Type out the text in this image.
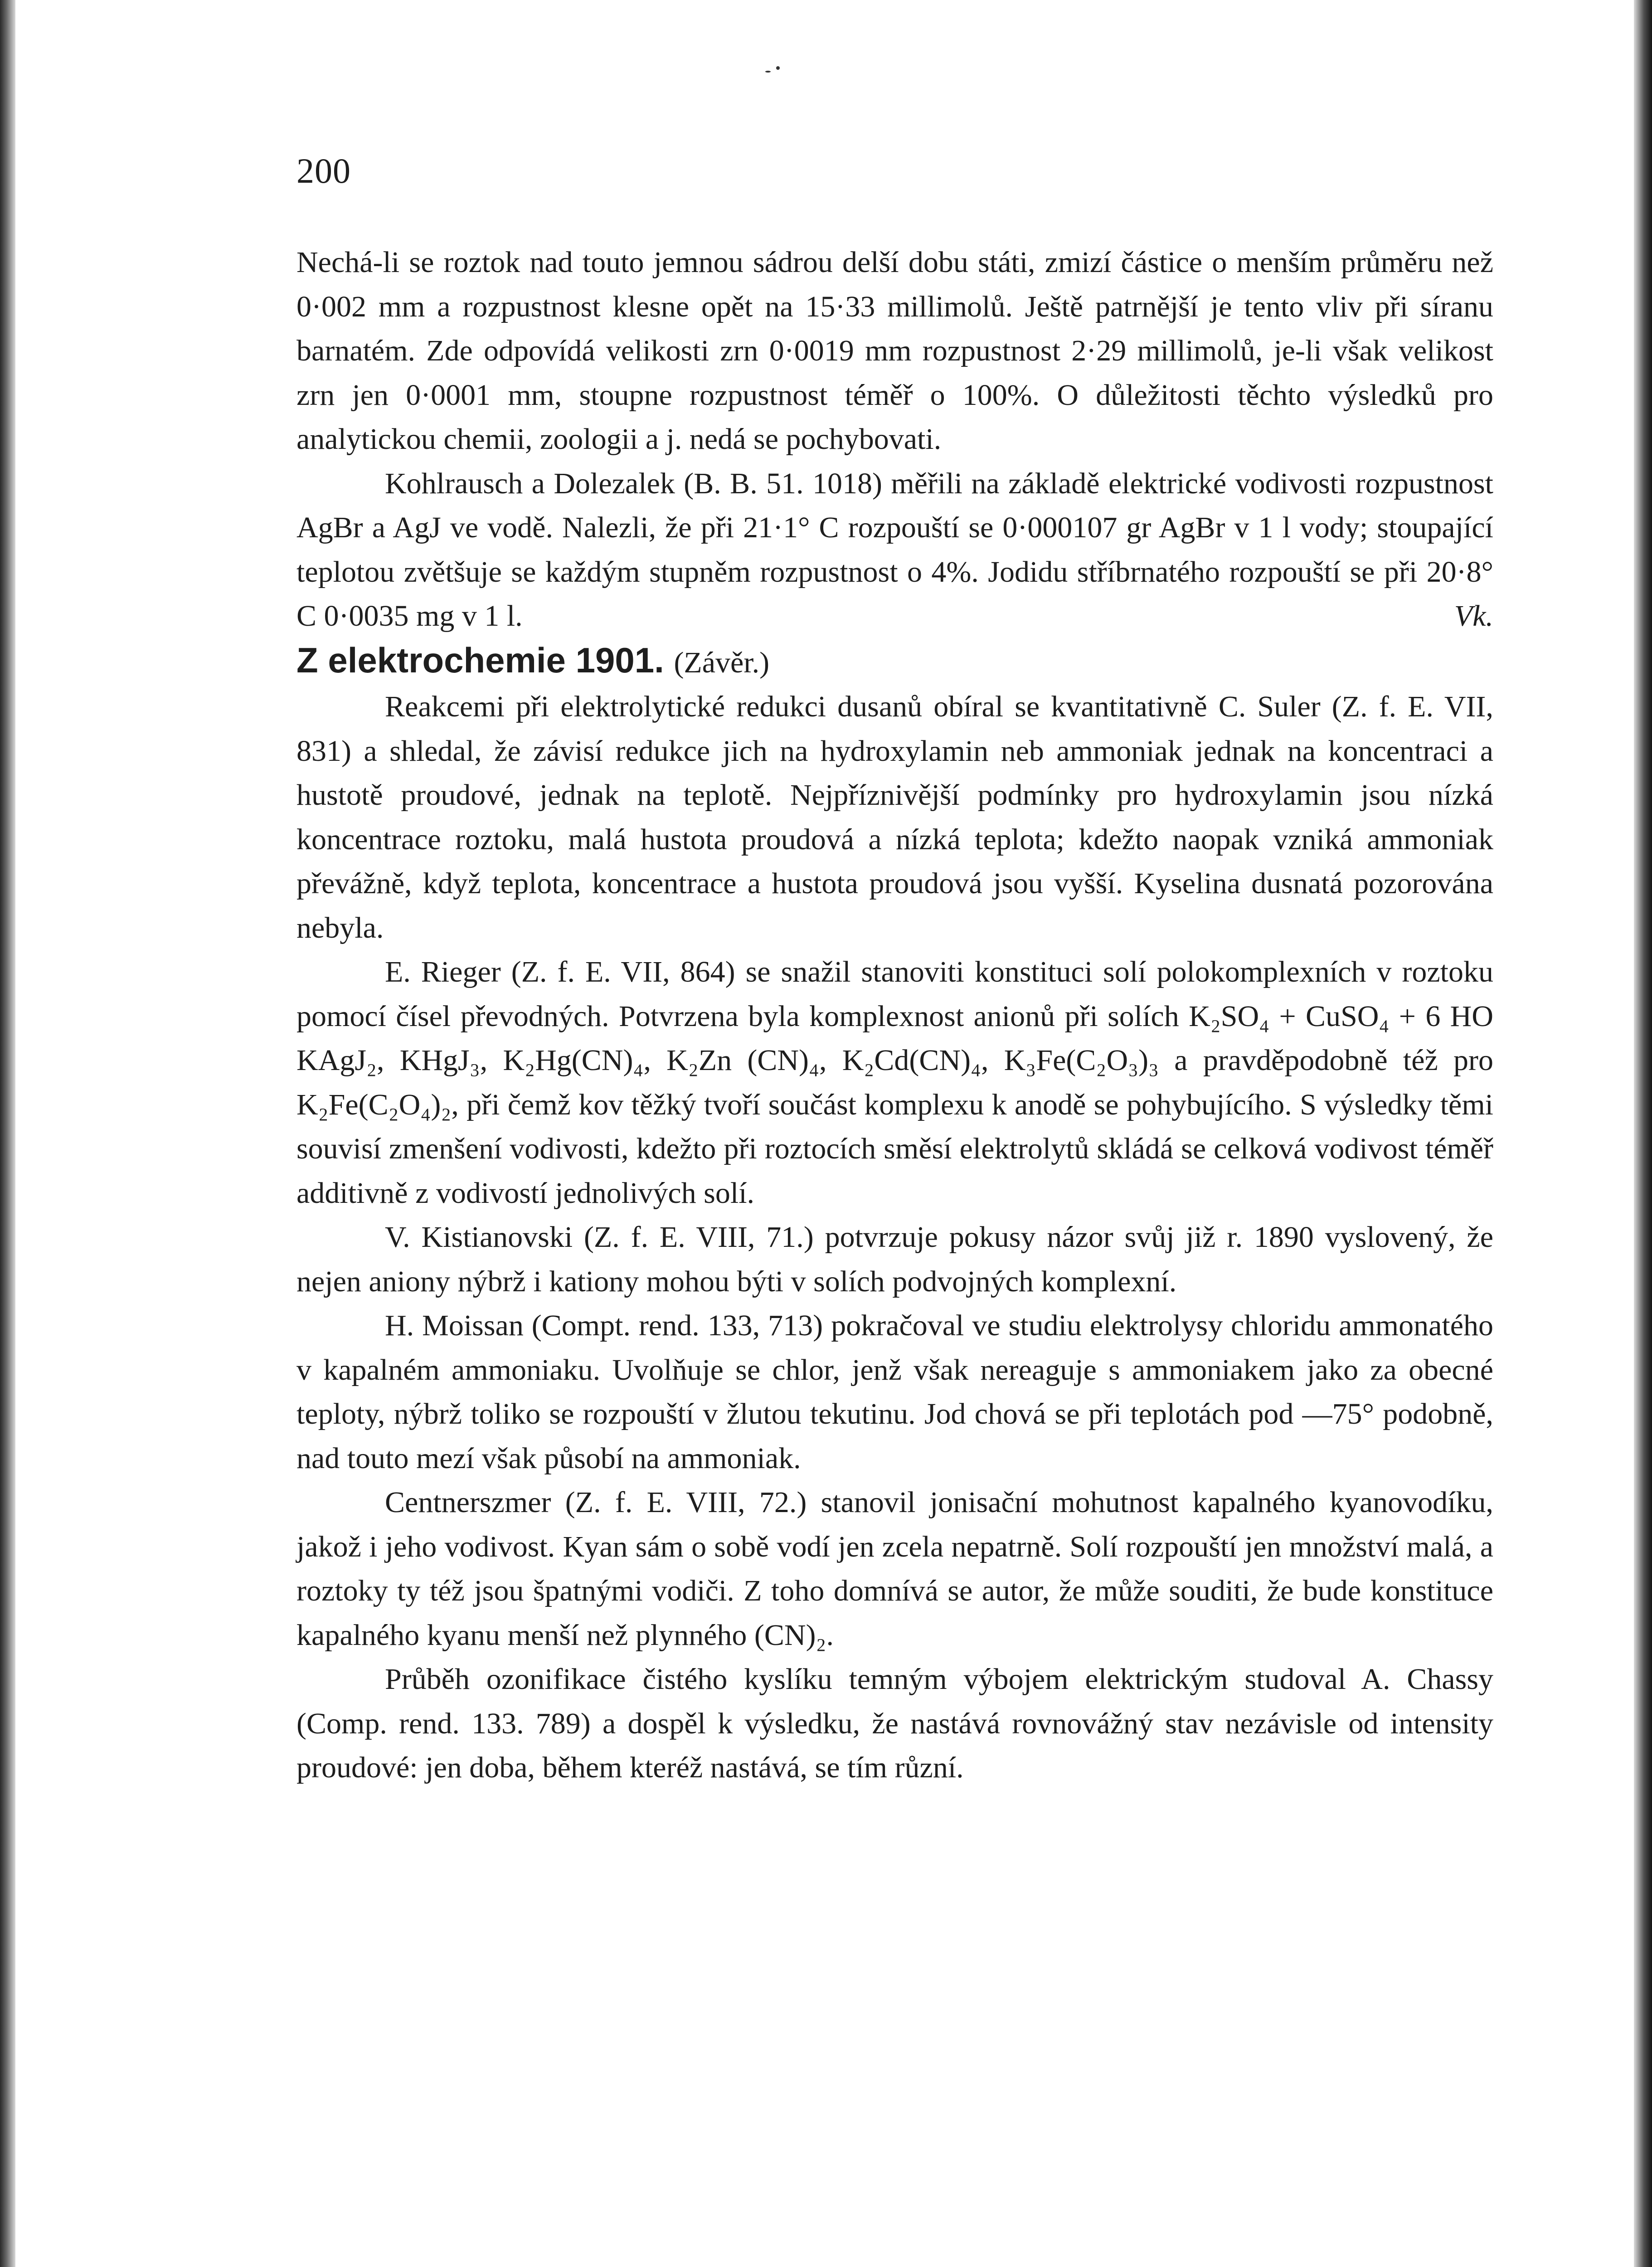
200

Nechá-li se roztok nad touto jemnou sádrou delší dobu státi, zmizí částice o menším průměru než 0·002 mm a rozpustnost klesne opět na 15·33 millimolů. Ještě patrnější je tento vliv při síranu barnatém. Zde odpovídá velikosti zrn 0·0019 mm rozpustnost 2·29 millimolů, je-li však velikost zrn jen 0·0001 mm, stoupne rozpustnost téměř o 100%. O důležitosti těchto výsledků pro analytickou chemii, zoologii a j. nedá se pochybovati.

Kohlrausch a Dolezalek (B. B. 51. 1018) měřili na základě elektrické vodivosti rozpustnost AgBr a AgJ ve vodě. Nalezli, že při 21·1° C rozpouští se 0·000107 gr AgBr v 1 l vody; stoupající teplotou zvětšuje se každým stupněm rozpustnost o 4%. Jodidu stříbrnatého rozpouští se při 20·8° C 0·0035 mg v 1 l.	Vk.

Z elektrochemie 1901. (Závěr.)

Reakcemi při elektrolytické redukci dusanů obíral se kvantitativně C. Suler (Z. f. E. VII, 831) a shledal, že závisí redukce jich na hydroxylamin neb ammoniak jednak na koncentraci a hustotě proudové, jednak na teplotě. Nejpříznivější podmínky pro hydroxylamin jsou nízká koncentrace roztoku, malá hustota proudová a nízká teplota; kdežto naopak vzniká ammoniak převážně, když teplota, koncentrace a hustota proudová jsou vyšší. Kyselina dusnatá pozorována nebyla.

E. Rieger (Z. f. E. VII, 864) se snažil stanoviti konstituci solí polokomplexních v roztoku pomocí čísel převodných. Potvrzena byla komplexnost anionů při solích K₂SO₄ + CuSO₄ + 6 HO KAgJ₂, KHgJ₃, K₂Hg(CN)₄, K₂Zn (CN)₄, K₂Cd(CN)₄, K₃Fe(C₂O₃)₃ a pravděpodobně též pro K₂Fe(C₂O₄)₂, při čemž kov těžký tvoří součást komplexu k anodě se pohybujícího. S výsledky těmi souvisí zmenšení vodivosti, kdežto při roztocích směsí elektrolytů skládá se celková vodivost téměř additivně z vodivostí jednolivých solí.

V. Kistianovski (Z. f. E. VIII, 71.) potvrzuje pokusy názor svůj již r. 1890 vyslovený, že nejen aniony nýbrž i kationy mohou býti v solích podvojných komplexní.

H. Moissan (Compt. rend. 133, 713) pokračoval ve studiu elektrolysy chloridu ammonatého v kapalném ammoniaku. Uvolňuje se chlor, jenž však nereaguje s ammoniakem jako za obecné teploty, nýbrž toliko se rozpouští v žlutou tekutinu. Jod chová se při teplotách pod —75° podobně, nad touto mezí však působí na ammoniak.

Centnerszmer (Z. f. E. VIII, 72.) stanovil jonisační mohutnost kapalného kyanovodíku, jakož i jeho vodivost. Kyan sám o sobě vodí jen zcela nepatrně. Solí rozpouští jen množství malá, a roztoky ty též jsou špatnými vodiči. Z toho domnívá se autor, že může souditi, že bude konstituce kapalného kyanu menší než plynného (CN)₂.

Průběh ozonifikace čistého kyslíku temným výbojem elektrickým studoval A. Chassy (Comp. rend. 133. 789) a dospěl k výsledku, že nastává rovnovážný stav nezávisle od intensity proudové: jen doba, během kteréž nastává, se tím různí.
